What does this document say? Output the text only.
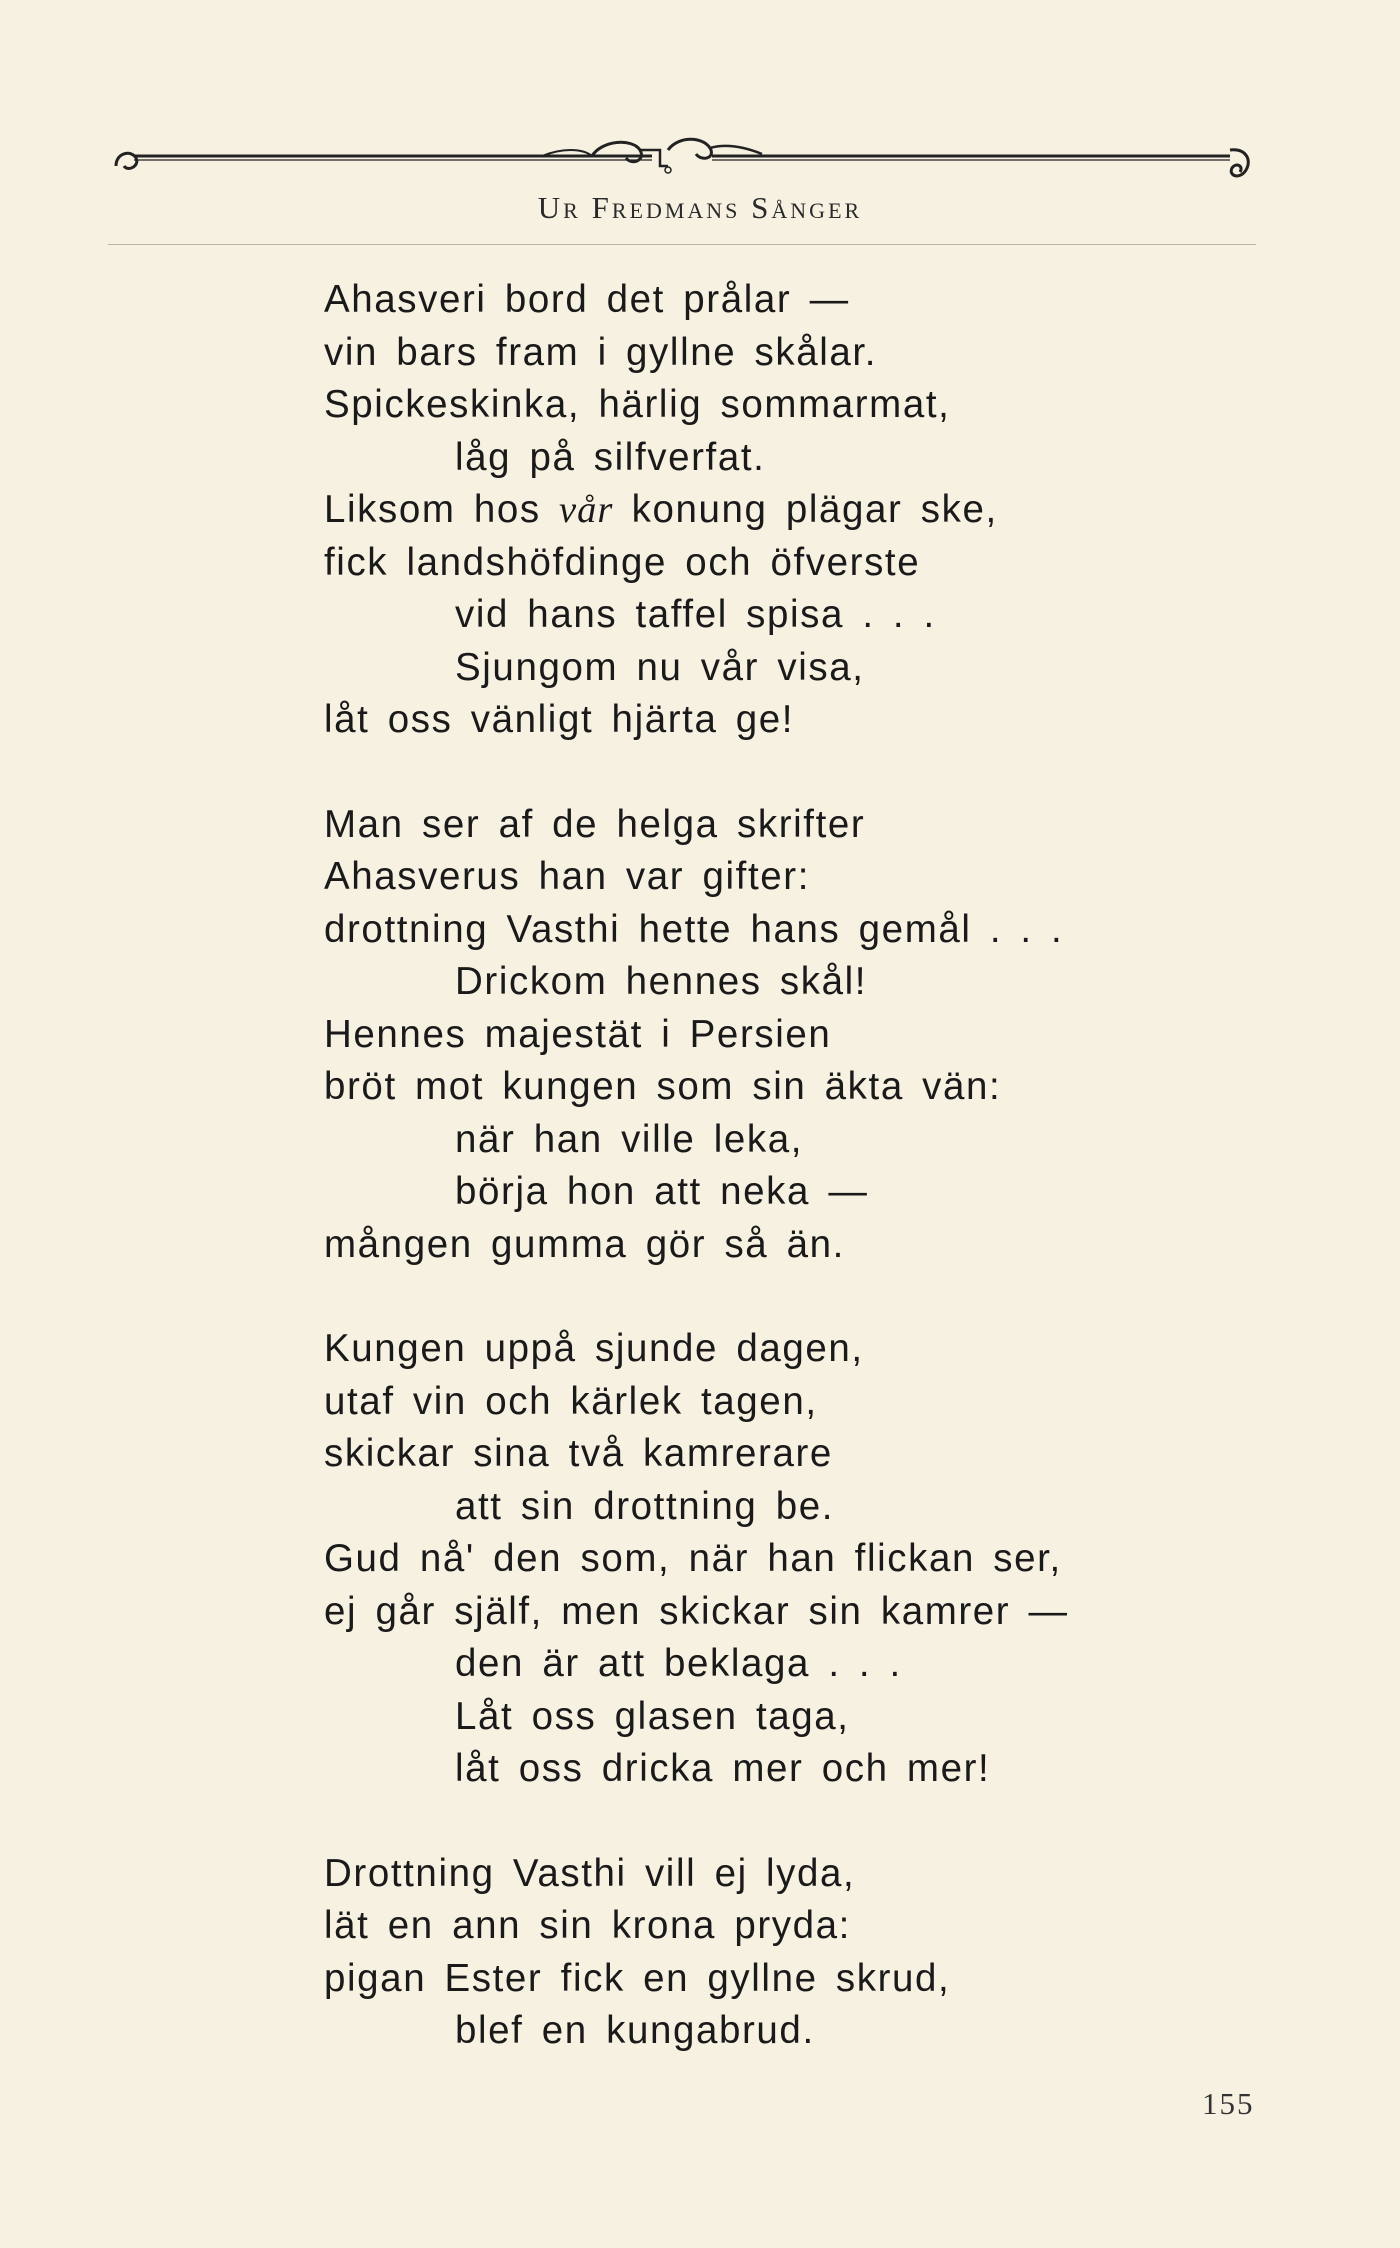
Ur Fredmans Sånger
Ahasveri bord det prålar —
vin bars fram i gyllne skålar.
Spickeskinka, härlig sommarmat,
låg på silfverfat.
Liksom hos vår konung plägar ske,
fick landshöfdinge och öfverste
vid hans taffel spisa . . .
Sjungom nu vår visa,
låt oss vänligt hjärta ge!
Man ser af de helga skrifter
Ahasverus han var gifter:
drottning Vasthi hette hans gemål . . .
Drickom hennes skål!
Hennes majestät i Persien
bröt mot kungen som sin äkta vän:
när han ville leka,
börja hon att neka —
mången gumma gör så än.
Kungen uppå sjunde dagen,
utaf vin och kärlek tagen,
skickar sina två kamrerare
att sin drottning be.
Gud nå' den som, när han flickan ser,
ej går själf, men skickar sin kamrer —
den är att beklaga . . .
Låt oss glasen taga,
låt oss dricka mer och mer!
Drottning Vasthi vill ej lyda,
lät en ann sin krona pryda:
pigan Ester fick en gyllne skrud,
blef en kungabrud.
155
